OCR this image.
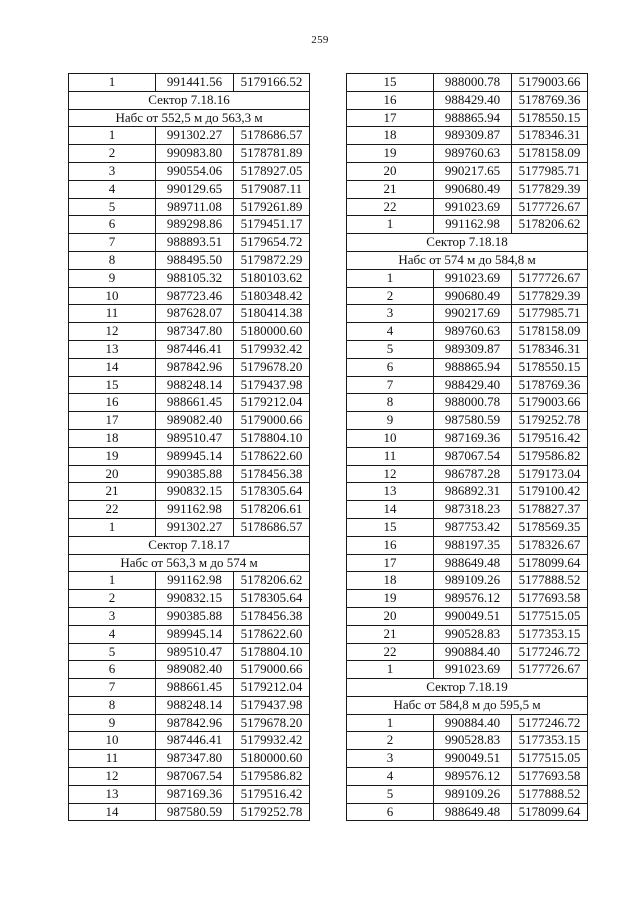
259
1	991441.56	5179166.52
Сектор 7.18.16		
Набс от 552,5 м до 563,3 м		
1	991302.27	5178686.57
2	990983.80	5178781.89
3	990554.06	5178927.05
4	990129.65	5179087.11
5	989711.08	5179261.89
6	989298.86	5179451.17
7	988893.51	5179654.72
8	988495.50	5179872.29
9	988105.32	5180103.62
10	987723.46	5180348.42
11	987628.07	5180414.38
12	987347.80	5180000.60
13	987446.41	5179932.42
14	987842.96	5179678.20
15	988248.14	5179437.98
16	988661.45	5179212.04
17	989082.40	5179000.66
18	989510.47	5178804.10
19	989945.14	5178622.60
20	990385.88	5178456.38
21	990832.15	5178305.64
22	991162.98	5178206.61
1	991302.27	5178686.57
Сектор 7.18.17		
Набс от 563,3 м до 574 м		
1	991162.98	5178206.62
2	990832.15	5178305.64
3	990385.88	5178456.38
4	989945.14	5178622.60
5	989510.47	5178804.10
6	989082.40	5179000.66
7	988661.45	5179212.04
8	988248.14	5179437.98
9	987842.96	5179678.20
10	987446.41	5179932.42
11	987347.80	5180000.60
12	987067.54	5179586.82
13	987169.36	5179516.42
14	987580.59	5179252.78
15	988000.78	5179003.66
16	988429.40	5178769.36
17	988865.94	5178550.15
18	989309.87	5178346.31
19	989760.63	5178158.09
20	990217.65	5177985.71
21	990680.49	5177829.39
22	991023.69	5177726.67
1	991162.98	5178206.62
Сектор 7.18.18		
Набс от 574 м до 584,8 м		
1	991023.69	5177726.67
2	990680.49	5177829.39
3	990217.69	5177985.71
4	989760.63	5178158.09
5	989309.87	5178346.31
6	988865.94	5178550.15
7	988429.40	5178769.36
8	988000.78	5179003.66
9	987580.59	5179252.78
10	987169.36	5179516.42
11	987067.54	5179586.82
12	986787.28	5179173.04
13	986892.31	5179100.42
14	987318.23	5178827.37
15	987753.42	5178569.35
16	988197.35	5178326.67
17	988649.48	5178099.64
18	989109.26	5177888.52
19	989576.12	5177693.58
20	990049.51	5177515.05
21	990528.83	5177353.15
22	990884.40	5177246.72
1	991023.69	5177726.67
Сектор 7.18.19		
Набс от 584,8 м до 595,5 м		
1	990884.40	5177246.72
2	990528.83	5177353.15
3	990049.51	5177515.05
4	989576.12	5177693.58
5	989109.26	5177888.52
6	988649.48	5178099.64
